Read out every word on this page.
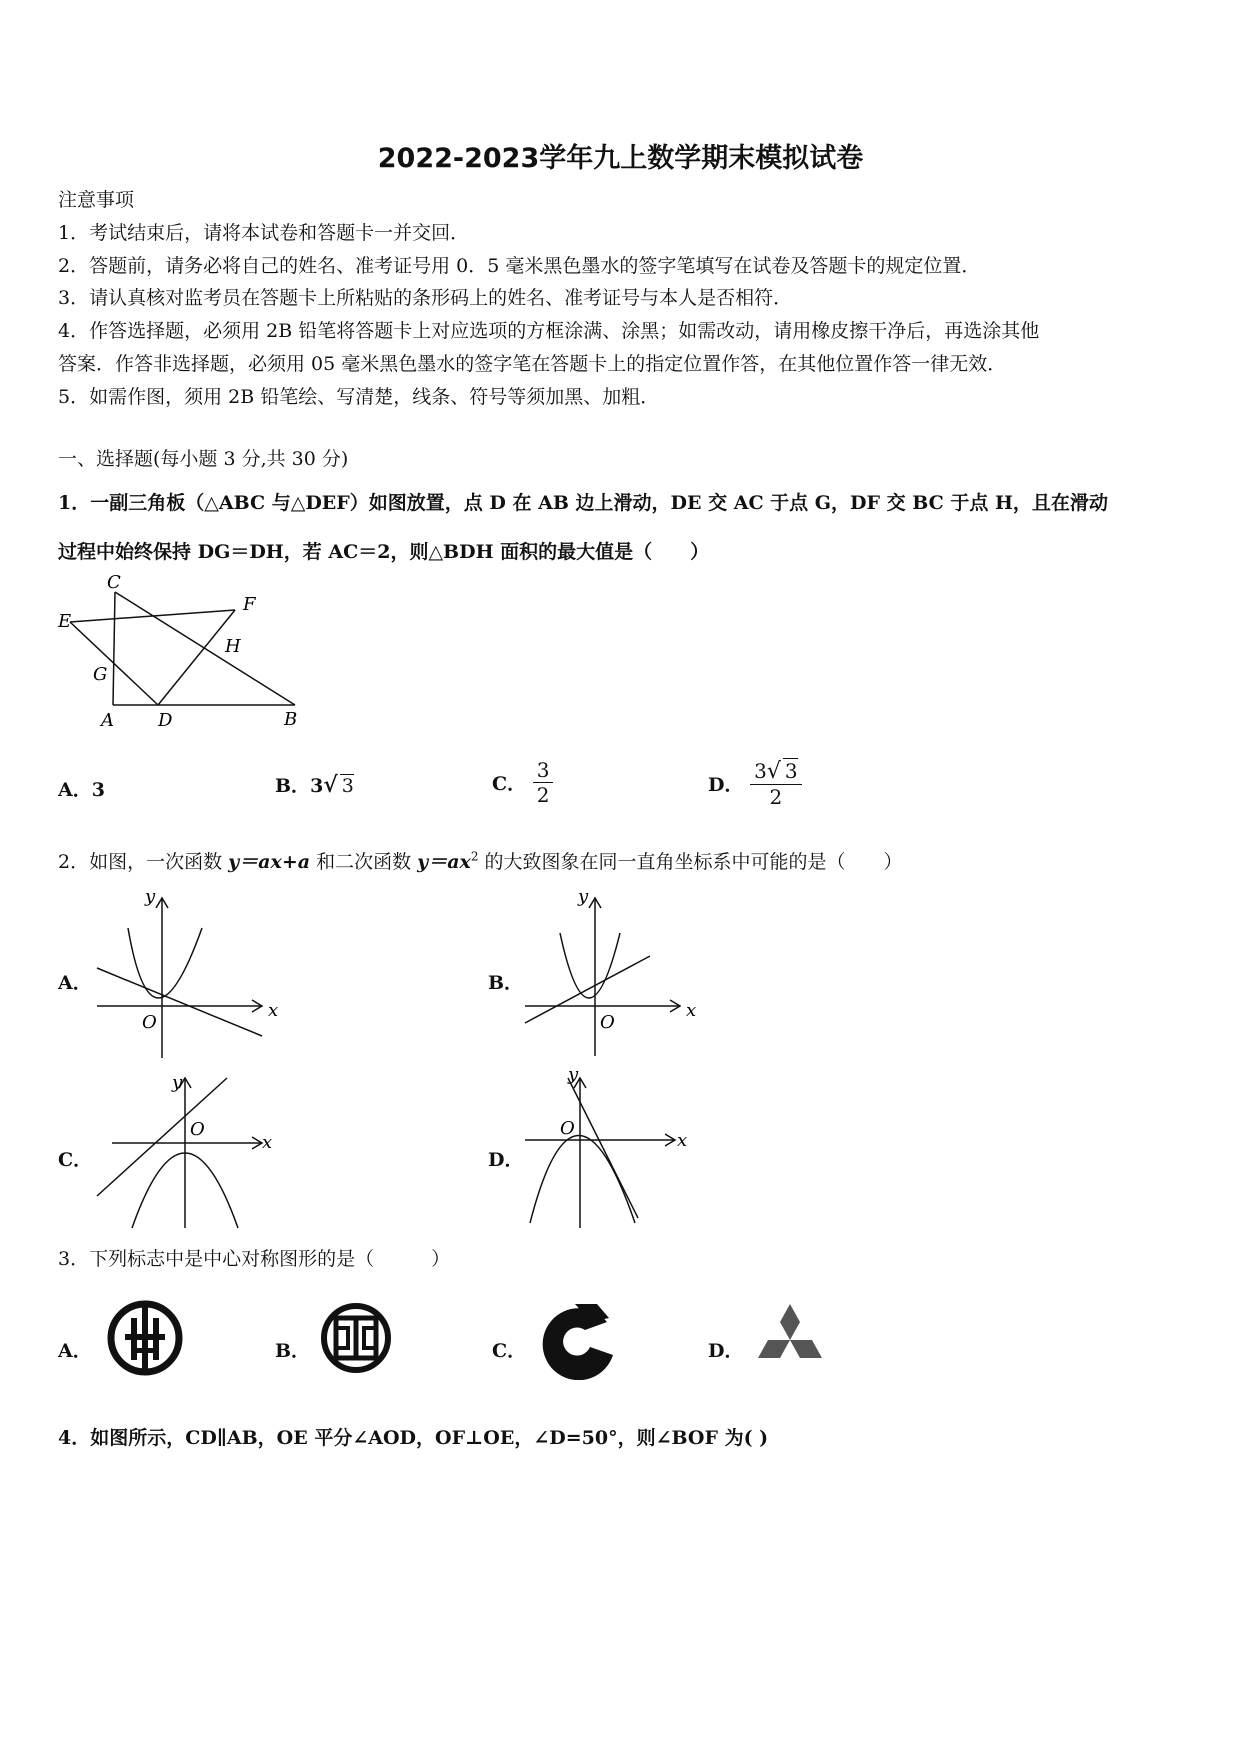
2022-2023学年九上数学期末模拟试卷
注意事项
1．考试结束后，请将本试卷和答题卡一并交回．
2．答题前，请务必将自己的姓名、准考证号用 0．5 毫米黑色墨水的签字笔填写在试卷及答题卡的规定位置．
3．请认真核对监考员在答题卡上所粘贴的条形码上的姓名、准考证号与本人是否相符．
4．作答选择题，必须用 2B 铅笔将答题卡上对应选项的方框涂满、涂黑；如需改动，请用橡皮擦干净后，再选涂其他
答案．作答非选择题，必须用 05 毫米黑色墨水的签字笔在答题卡上的指定位置作答，在其他位置作答一律无效．
5．如需作图，须用 2B 铅笔绘、写清楚，线条、符号等须加黑、加粗．
一、选择题(每小题 3 分,共 30 分)
1．一副三角板（△ABC 与△DEF）如图放置，点 D 在 AB 边上滑动，DE 交 AC 于点 G，DF 交 BC 于点 H，且在滑动
过程中始终保持 DG＝DH，若 AC＝2，则△BDH 面积的最大值是（　　）
C
F
E
H
G
A D	B
A．3	B．3√ 3	C． $\frac{3}{2}$	D． $\frac{3√ 3}{2}$
2．如图，一次函数 y＝ax+a 和二次函数 $y=ax^2$ 的大致图象在同一直角坐标系中可能的是（　　）
A．
y
x
O
B．
y
x
O
C．
y
x
O
D．
y
x
O
3．下列标志中是中心对称图形的是（　　　）
A．	B．	C．	D．
4．如图所示，CD∥AB，OE 平分∠AOD，OF⊥OE，∠D=50°，则∠BOF 为( )
